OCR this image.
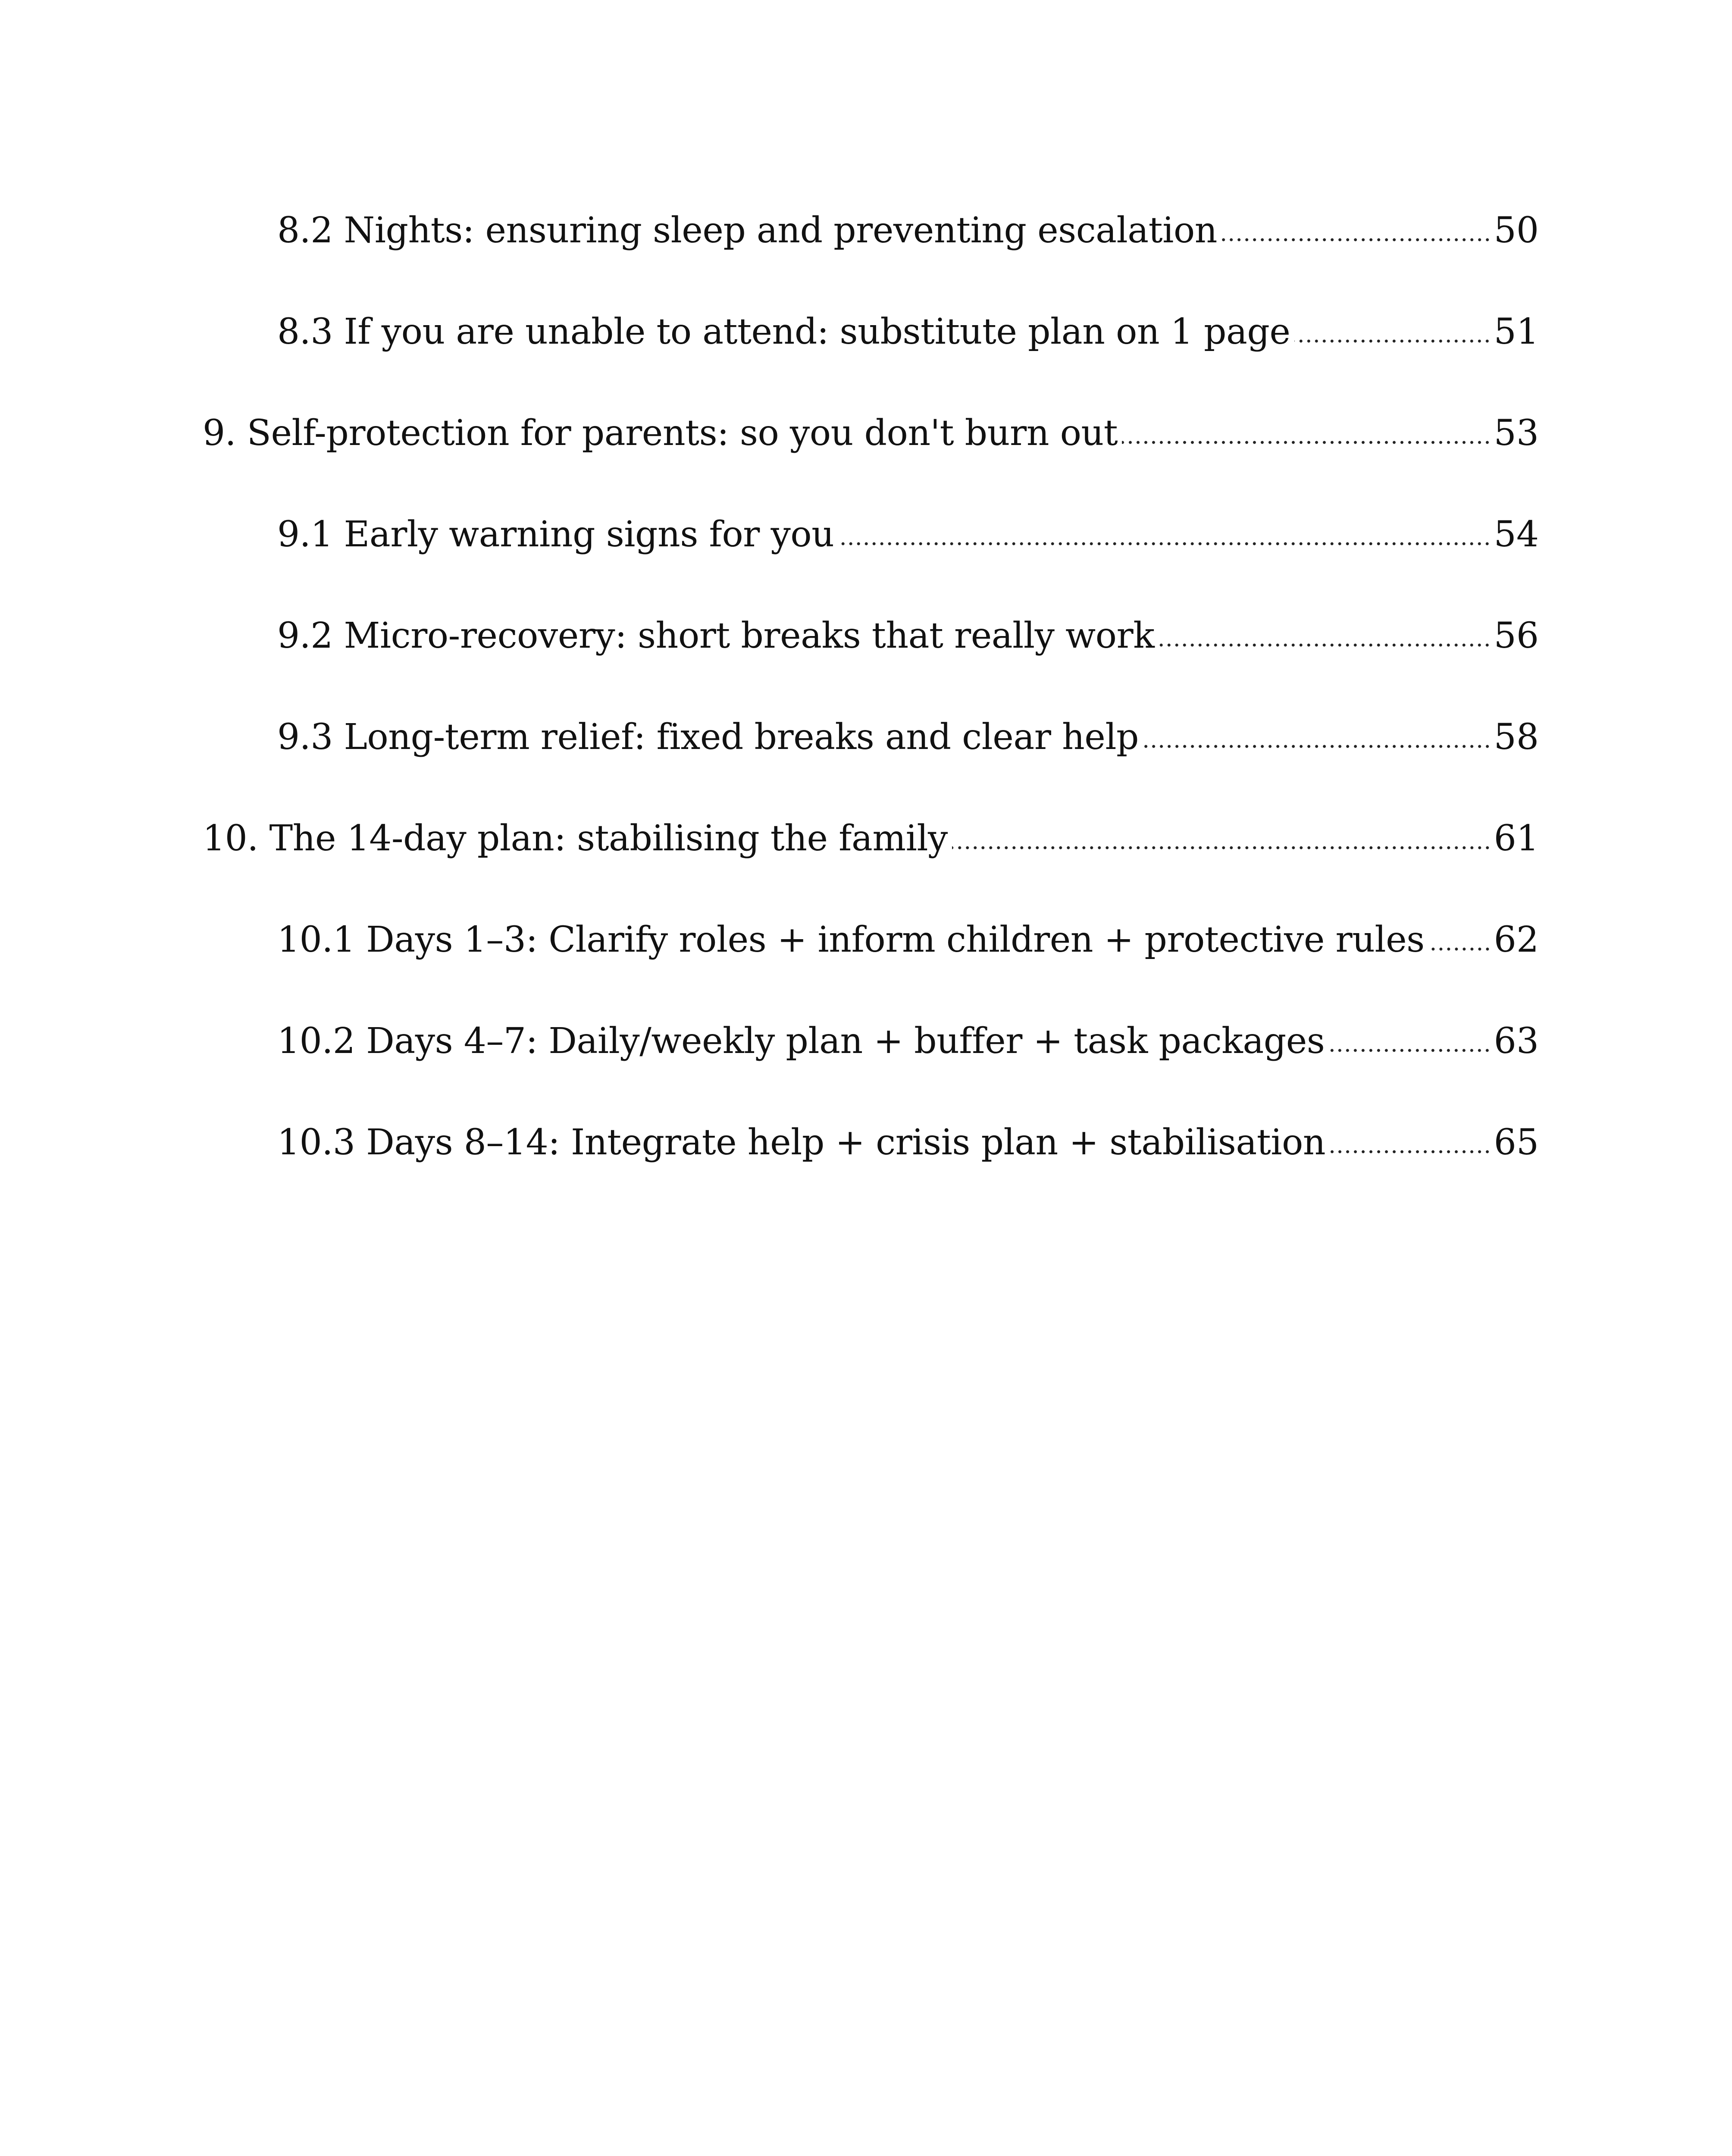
8.2 Nights: ensuring sleep and preventing escalation	50
8.3 If you are unable to attend: substitute plan on 1 page	51
9. Self-protection for parents: so you don't burn out	53
9.1 Early warning signs for you	54
9.2 Micro-recovery: short breaks that really work	56
9.3 Long-term relief: fixed breaks and clear help	58
10. The 14-day plan: stabilising the family	61
10.1 Days 1–3: Clarify roles + inform children + protective rules 62
10.2 Days 4–7: Daily/weekly plan + buffer + task packages	63
10.3 Days 8–14: Integrate help + crisis plan + stabilisation	65
